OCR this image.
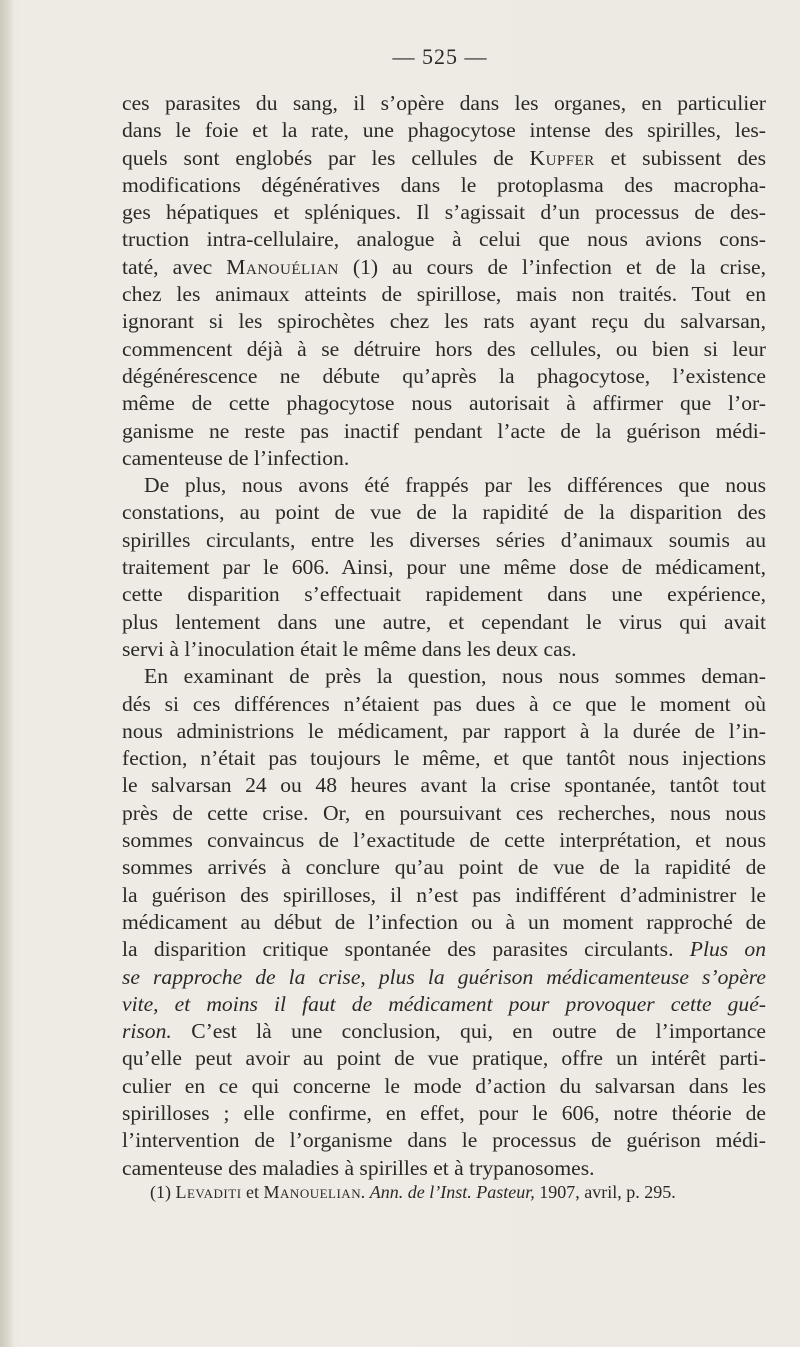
— 525 —
ces parasites du sang, il s’opère dans les organes, en particulier
dans le foie et la rate, une phagocytose intense des spirilles, les-
quels sont englobés par les cellules de Kupfer et subissent des
modifications dégénératives dans le protoplasma des macropha-
ges hépatiques et spléniques. Il s’agissait d’un processus de des-
truction intra-cellulaire, analogue à celui que nous avions cons-
taté, avec Manouélian (1) au cours de l’infection et de la crise,
chez les animaux atteints de spirillose, mais non traités. Tout en
ignorant si les spirochètes chez les rats ayant reçu du salvarsan,
commencent déjà à se détruire hors des cellules, ou bien si leur
dégénérescence ne débute qu’après la phagocytose, l’existence
même de cette phagocytose nous autorisait à affirmer que l’or-
ganisme ne reste pas inactif pendant l’acte de la guérison médi-
camenteuse de l’infection.
De plus, nous avons été frappés par les différences que nous
constations, au point de vue de la rapidité de la disparition des
spirilles circulants, entre les diverses séries d’animaux soumis au
traitement par le 606. Ainsi, pour une même dose de médicament,
cette disparition s’effectuait rapidement dans une expérience,
plus lentement dans une autre, et cependant le virus qui avait
servi à l’inoculation était le même dans les deux cas.
En examinant de près la question, nous nous sommes deman-
dés si ces différences n’étaient pas dues à ce que le moment où
nous administrions le médicament, par rapport à la durée de l’in-
fection, n’était pas toujours le même, et que tantôt nous injections
le salvarsan 24 ou 48 heures avant la crise spontanée, tantôt tout
près de cette crise. Or, en poursuivant ces recherches, nous nous
sommes convaincus de l’exactitude de cette interprétation, et nous
sommes arrivés à conclure qu’au point de vue de la rapidité de
la guérison des spirilloses, il n’est pas indifférent d’administrer le
médicament au début de l’infection ou à un moment rapproché de
la disparition critique spontanée des parasites circulants. Plus on
se rapproche de la crise, plus la guérison médicamenteuse s’opère
vite, et moins il faut de médicament pour provoquer cette gué-
rison. C’est là une conclusion, qui, en outre de l’importance
qu’elle peut avoir au point de vue pratique, offre un intérêt parti-
culier en ce qui concerne le mode d’action du salvarsan dans les
spirilloses ; elle confirme, en effet, pour le 606, notre théorie de
l’intervention de l’organisme dans le processus de guérison médi-
camenteuse des maladies à spirilles et à trypanosomes.
(1) Levaditi et Manouelian. Ann. de l’Inst. Pasteur, 1907, avril, p. 295.
